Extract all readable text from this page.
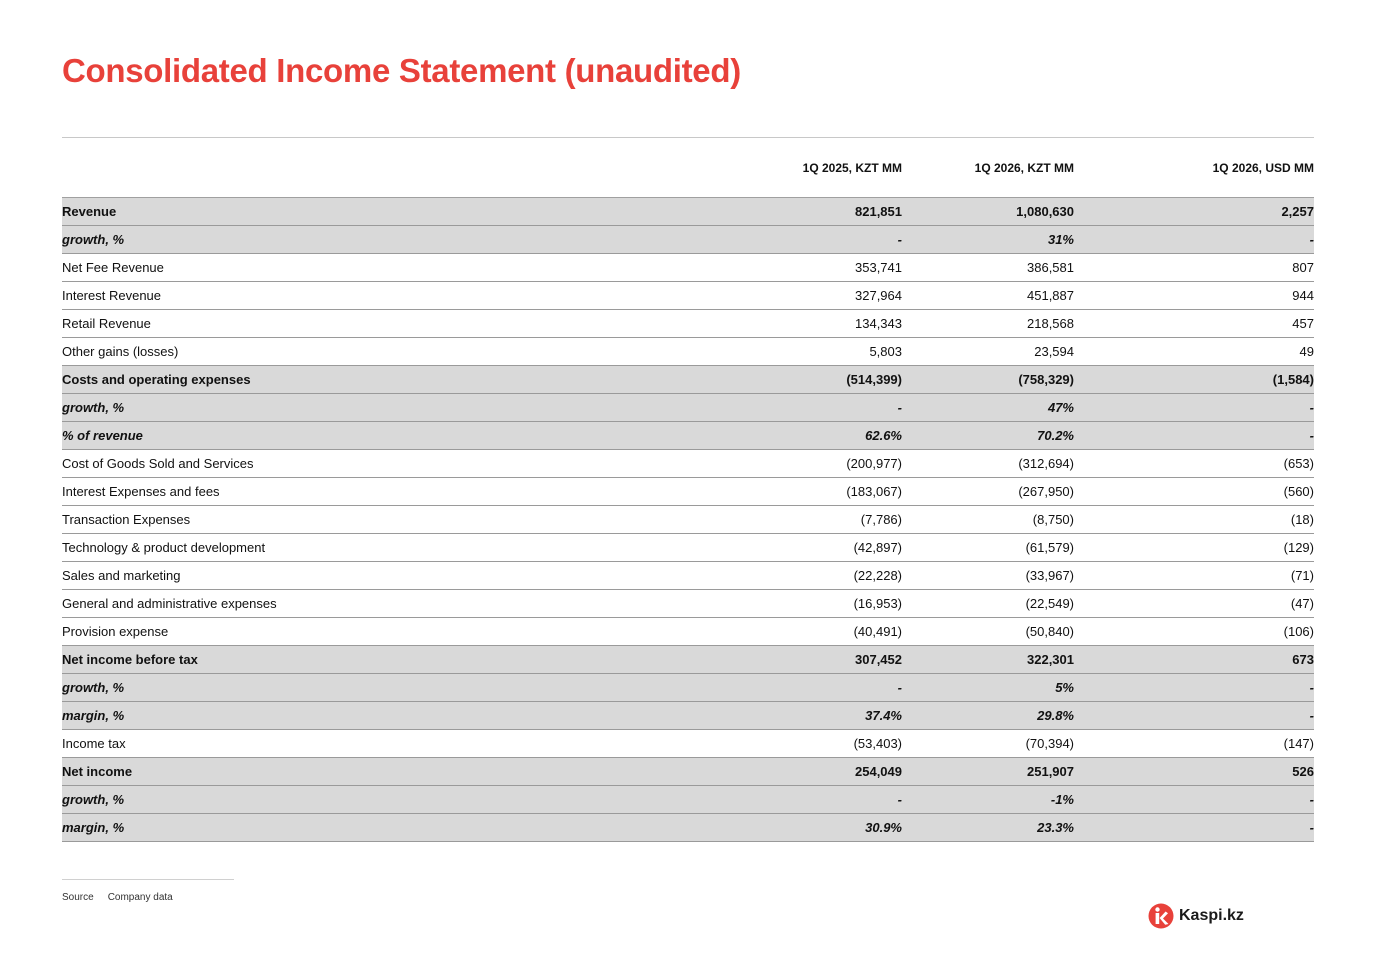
Consolidated Income Statement (unaudited)
	1Q 2025, KZT MM	1Q 2026, KZT MM	1Q 2026, USD MM
Revenue	821,851	1,080,630	2,257
growth, %	-	31%	-
Net Fee Revenue	353,741	386,581	807
Interest Revenue	327,964	451,887	944
Retail Revenue	134,343	218,568	457
Other gains (losses)	5,803	23,594	49
Costs and operating expenses	(514,399)	(758,329)	(1,584)
growth, %	-	47%	-
% of revenue	62.6%	70.2%	-
Cost of Goods Sold and Services	(200,977)	(312,694)	(653)
Interest Expenses and fees	(183,067)	(267,950)	(560)
Transaction Expenses	(7,786)	(8,750)	(18)
Technology & product development	(42,897)	(61,579)	(129)
Sales and marketing	(22,228)	(33,967)	(71)
General and administrative expenses	(16,953)	(22,549)	(47)
Provision expense	(40,491)	(50,840)	(106)
Net income before tax	307,452	322,301	673
growth, %	-	5%	-
margin, %	37.4%	29.8%	-
Income tax	(53,403)	(70,394)	(147)
Net income	254,049	251,907	526
growth, %	-	-1%	-
margin, %	30.9%	23.3%	-
Source Company data
Kaspi.kz
